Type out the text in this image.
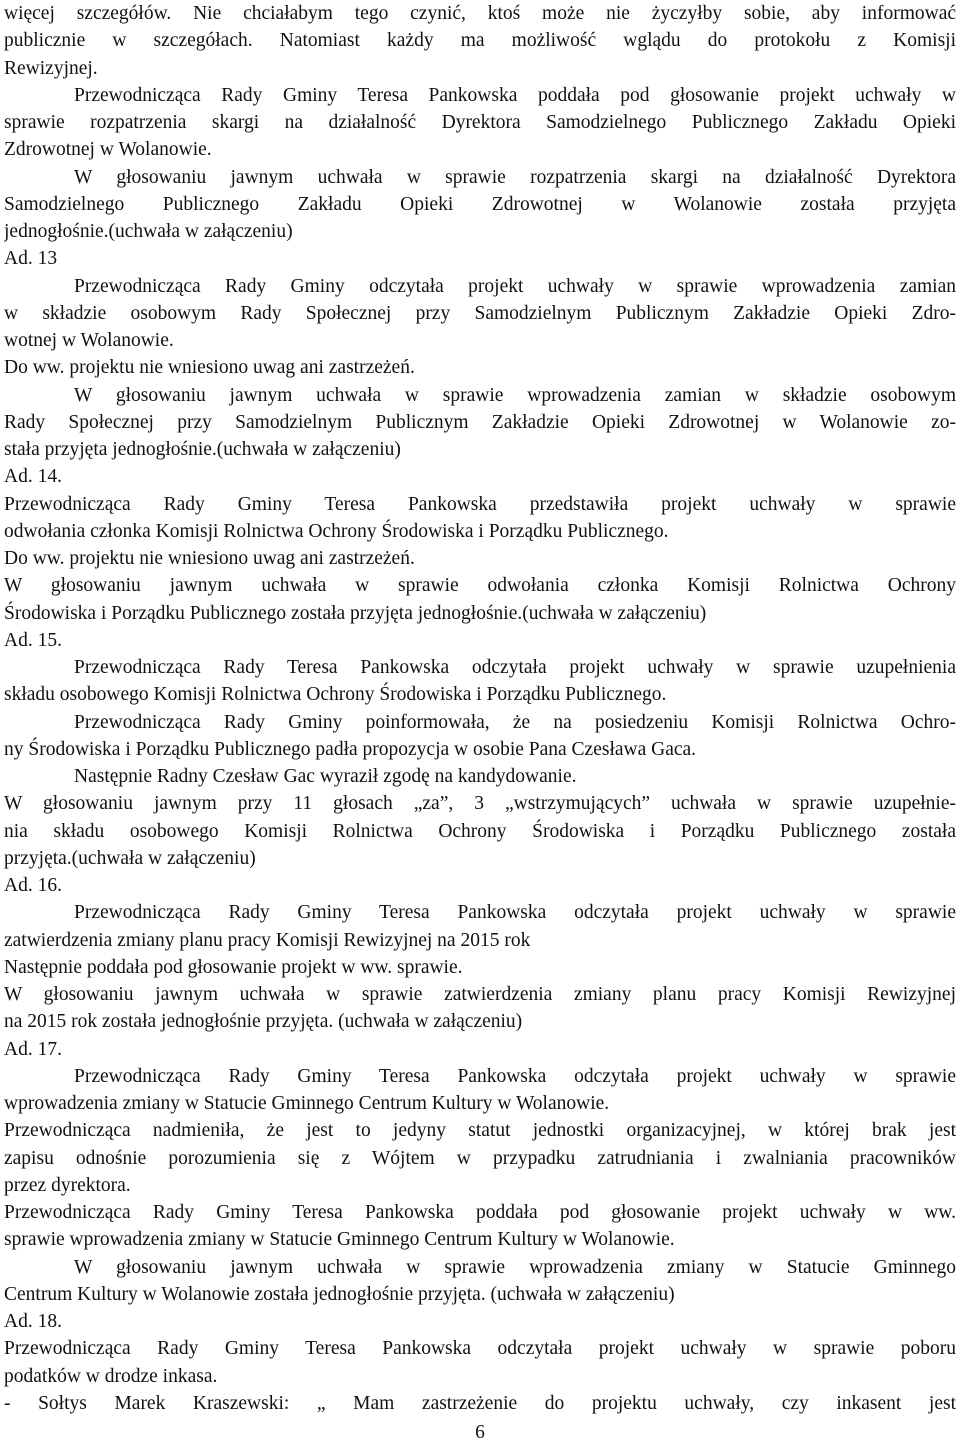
więcej szczegółów. Nie chciałabym tego czynić, ktoś może nie życzyłby sobie, aby informować
publicznie w szczegółach. Natomiast każdy ma możliwość wglądu do protokołu z Komisji
Rewizyjnej.
Przewodnicząca Rady Gminy Teresa Pankowska poddała pod głosowanie projekt uchwały w
sprawie rozpatrzenia skargi na działalność Dyrektora Samodzielnego Publicznego Zakładu Opieki
Zdrowotnej w Wolanowie.
W głosowaniu jawnym uchwała w sprawie rozpatrzenia skargi na działalność Dyrektora
Samodzielnego Publicznego Zakładu Opieki Zdrowotnej w Wolanowie została przyjęta
jednogłośnie.(uchwała w załączeniu)
Ad. 13
Przewodnicząca Rady Gminy odczytała projekt uchwały w sprawie wprowadzenia zamian
w składzie osobowym Rady Społecznej przy Samodzielnym Publicznym Zakładzie Opieki Zdro-
wotnej w Wolanowie.
Do ww. projektu nie wniesiono uwag ani zastrzeżeń.
W głosowaniu jawnym uchwała w sprawie wprowadzenia zamian w składzie osobowym
Rady Społecznej przy Samodzielnym Publicznym Zakładzie Opieki Zdrowotnej w Wolanowie zo-
stała przyjęta jednogłośnie.(uchwała w załączeniu)
Ad. 14.
Przewodnicząca Rady Gminy Teresa Pankowska przedstawiła projekt uchwały w sprawie
odwołania członka Komisji Rolnictwa Ochrony Środowiska i Porządku Publicznego.
Do ww. projektu nie wniesiono uwag ani zastrzeżeń.
W głosowaniu jawnym uchwała w sprawie odwołania członka Komisji Rolnictwa Ochrony
Środowiska i Porządku Publicznego została przyjęta jednogłośnie.(uchwała w załączeniu)
Ad. 15.
Przewodnicząca Rady Teresa Pankowska odczytała projekt uchwały w sprawie uzupełnienia
składu osobowego Komisji Rolnictwa Ochrony Środowiska i Porządku Publicznego.
Przewodnicząca Rady Gminy poinformowała, że na posiedzeniu Komisji Rolnictwa Ochro-
ny Środowiska i Porządku Publicznego padła propozycja w osobie Pana Czesława Gaca.
Następnie Radny Czesław Gac wyraził zgodę na kandydowanie.
W głosowaniu jawnym przy 11 głosach „za”, 3 „wstrzymujących” uchwała w sprawie uzupełnie-
nia składu osobowego Komisji Rolnictwa Ochrony Środowiska i Porządku Publicznego została
przyjęta.(uchwała w załączeniu)
Ad. 16.
Przewodnicząca Rady Gminy Teresa Pankowska odczytała projekt uchwały w sprawie
zatwierdzenia zmiany planu pracy Komisji Rewizyjnej na 2015 rok
Następnie poddała pod głosowanie projekt w ww. sprawie.
W głosowaniu jawnym uchwała w sprawie zatwierdzenia zmiany planu pracy Komisji Rewizyjnej
na 2015 rok została jednogłośnie przyjęta. (uchwała w załączeniu)
Ad. 17.
Przewodnicząca Rady Gminy Teresa Pankowska odczytała projekt uchwały w sprawie
wprowadzenia zmiany w Statucie Gminnego Centrum Kultury w Wolanowie.
Przewodnicząca nadmieniła, że jest to jedyny statut jednostki organizacyjnej, w której brak jest
zapisu odnośnie porozumienia się z Wójtem w przypadku zatrudniania i zwalniania pracowników
przez dyrektora.
Przewodnicząca Rady Gminy Teresa Pankowska poddała pod głosowanie projekt uchwały w ww.
sprawie wprowadzenia zmiany w Statucie Gminnego Centrum Kultury w Wolanowie.
W głosowaniu jawnym uchwała w sprawie wprowadzenia zmiany w Statucie Gminnego
Centrum Kultury w Wolanowie została jednogłośnie przyjęta. (uchwała w załączeniu)
Ad. 18.
Przewodnicząca Rady Gminy Teresa Pankowska odczytała projekt uchwały w sprawie poboru
podatków w drodze inkasa.
- Sołtys Marek Kraszewski: „ Mam zastrzeżenie do projektu uchwały, czy inkasent jest
6
